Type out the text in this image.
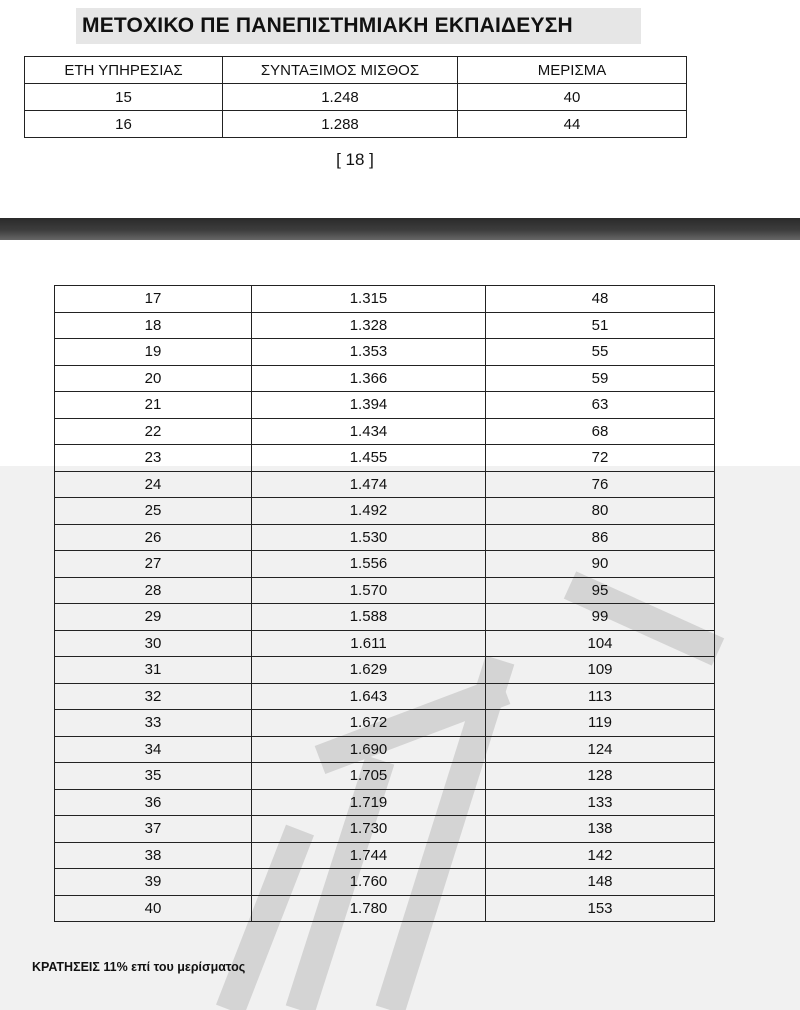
ΜΕΤΟΧΙΚΟ ΠΕ ΠΑΝΕΠΙΣΤΗΜΙΑΚΗ ΕΚΠΑΙΔΕΥΣΗ
ΕΤΗ ΥΠΗΡΕΣΙΑΣ	ΣΥΝΤΑΞΙΜΟΣ ΜΙΣΘΟΣ	ΜΕΡΙΣΜΑ
15	1.248	40
16	1.288	44
[ 18 ]
17	1.315	48
18	1.328	51
19	1.353	55
20	1.366	59
21	1.394	63
22	1.434	68
23	1.455	72
24	1.474	76
25	1.492	80
26	1.530	86
27	1.556	90
28	1.570	95
29	1.588	99
30	1.611	104
31	1.629	109
32	1.643	113
33	1.672	119
34	1.690	124
35	1.705	128
36	1.719	133
37	1.730	138
38	1.744	142
39	1.760	148
40	1.780	153
ΚΡΑΤΗΣΕΙΣ 11% επί του μερίσματος
